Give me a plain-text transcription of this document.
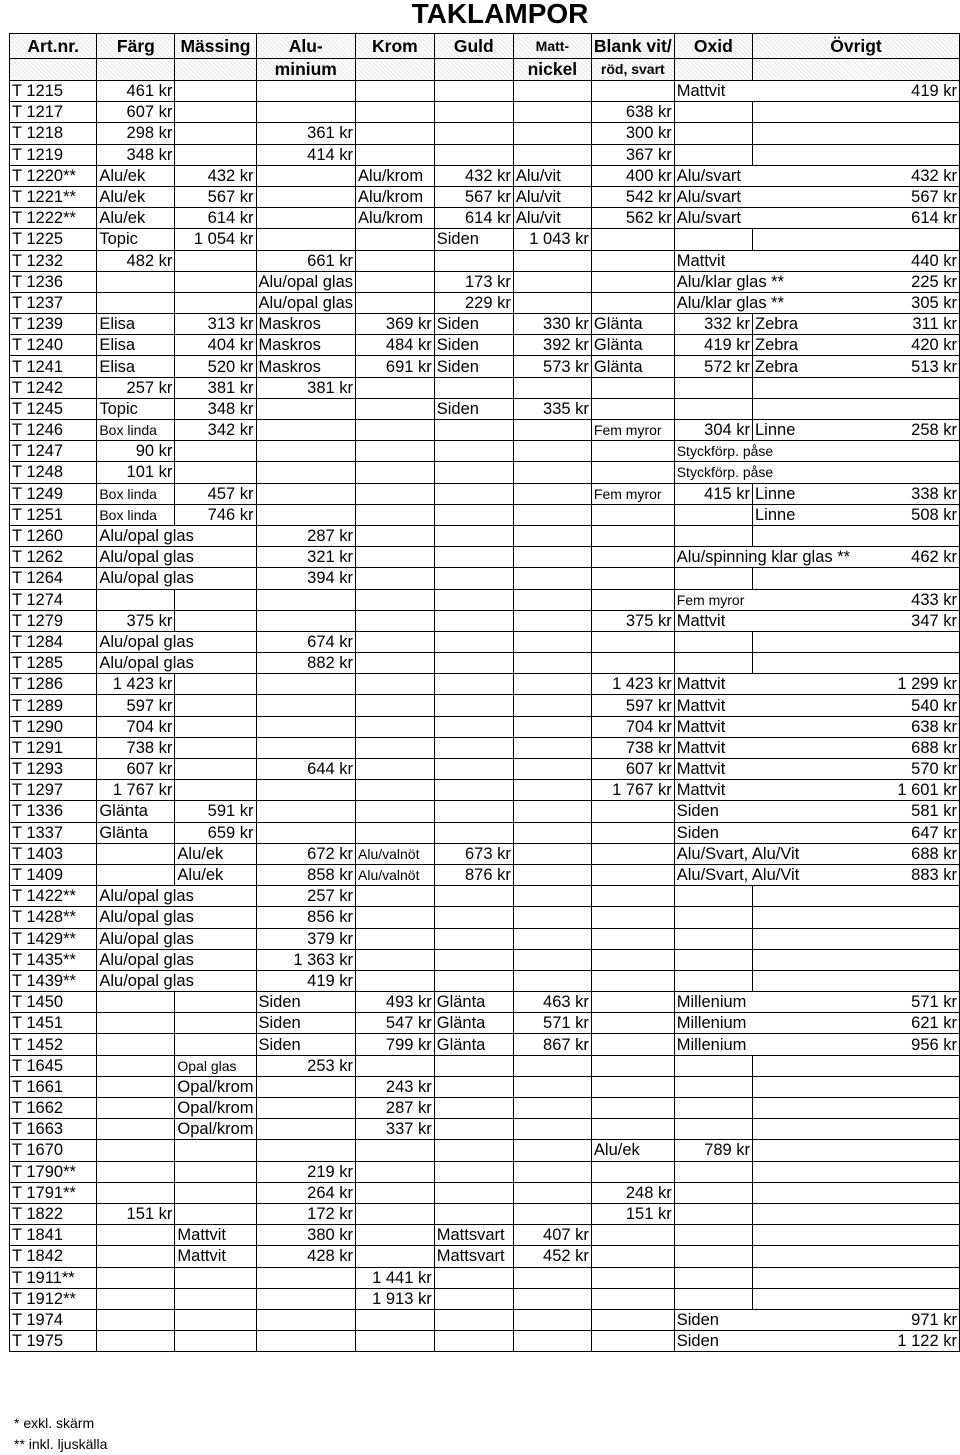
TAKLAMPOR
Art.nr.	Färg	Mässing	Alu-	Krom	Guld	Matt-	Blank vit/	Oxid	Övrigt
			minium			nickel	röd, svart		
T 1215	461 kr							Mattvit 419 kr	

T 1217	607 kr						638 kr		

T 1218	298 kr		361 kr				300 kr		

T 1219	348 kr		414 kr				367 kr		

T 1220**	Alu/ek	432 kr		Alu/krom	432 kr	Alu/vit	400 kr	Alu/svart 432 kr	

T 1221**	Alu/ek	567 kr		Alu/krom	567 kr	Alu/vit	542 kr	Alu/svart 567 kr	

T 1222**	Alu/ek	614 kr		Alu/krom	614 kr	Alu/vit	562 kr	Alu/svart 614 kr	

T 1225	Topic	1 054 kr			Siden	1 043 kr			

T 1232	482 kr		661 kr					Mattvit 440 kr	

T 1236			Alu/opal glas		173 kr			Alu/klar glas ** 225 kr	

T 1237			Alu/opal glas		229 kr			Alu/klar glas ** 305 kr	

T 1239	Elisa	313 kr	Maskros	369 kr	Siden	330 kr	Glänta	332 kr	Zebra 311 kr

T 1240	Elisa	404 kr	Maskros	484 kr	Siden	392 kr	Glänta	419 kr	Zebra 420 kr

T 1241	Elisa	520 kr	Maskros	691 kr	Siden	573 kr	Glänta	572 kr	Zebra 513 kr

T 1242	257 kr	381 kr	381 kr						

T 1245	Topic	348 kr			Siden	335 kr			

T 1246	Box linda	342 kr					Fem myror	304 kr	Linne 258 kr

T 1247	90 kr							Styckförp. påse	

T 1248	101 kr							Styckförp. påse	

T 1249	Box linda	457 kr					Fem myror	415 kr	Linne 338 kr

T 1251	Box linda	746 kr							Linne 508 kr

T 1260	Alu/opal glas		287 kr						
T 1262	Alu/opal glas		321 kr					Alu/spinning klar glas ** 462 kr	

T 1264	Alu/opal glas		394 kr						
T 1274								Fem myror 433 kr	

T 1279	375 kr						375 kr	Mattvit 347 kr	

T 1284	Alu/opal glas		674 kr						
T 1285	Alu/opal glas		882 kr						
T 1286	1 423 kr						1 423 kr	Mattvit 1 299 kr	

T 1289	597 kr						597 kr	Mattvit 540 kr	

T 1290	704 kr						704 kr	Mattvit 638 kr	

T 1291	738 kr						738 kr	Mattvit 688 kr	

T 1293	607 kr		644 kr				607 kr	Mattvit 570 kr	

T 1297	1 767 kr						1 767 kr	Mattvit 1 601 kr	

T 1336	Glänta	591 kr						Siden 581 kr	

T 1337	Glänta	659 kr						Siden 647 kr	

T 1403		Alu/ek	672 kr	Alu/valnöt	673 kr			Alu/Svart, Alu/Vit 688 kr	

T 1409		Alu/ek	858 kr	Alu/valnöt	876 kr			Alu/Svart, Alu/Vit 883 kr	

T 1422**	Alu/opal glas		257 kr						
T 1428**	Alu/opal glas		856 kr						
T 1429**	Alu/opal glas		379 kr						
T 1435**	Alu/opal glas		1 363 kr						
T 1439**	Alu/opal glas		419 kr						
T 1450			Siden	493 kr	Glänta	463 kr		Millenium 571 kr	

T 1451			Siden	547 kr	Glänta	571 kr		Millenium 621 kr	

T 1452			Siden	799 kr	Glänta	867 kr		Millenium 956 kr	

T 1645		Opal glas	253 kr						

T 1661		Opal/krom		243 kr					

T 1662		Opal/krom		287 kr					

T 1663		Opal/krom		337 kr					

T 1670							Alu/ek	789 kr	

T 1790**			219 kr						

T 1791**			264 kr				248 kr		

T 1822	151 kr		172 kr				151 kr		

T 1841		Mattvit	380 kr		Mattsvart	407 kr			

T 1842		Mattvit	428 kr		Mattsvart	452 kr			

T 1911**				1 441 kr					

T 1912**				1 913 kr					

T 1974								Siden 971 kr	

T 1975								Siden 1 122 kr	
* exkl. skärm
** inkl. ljuskälla
